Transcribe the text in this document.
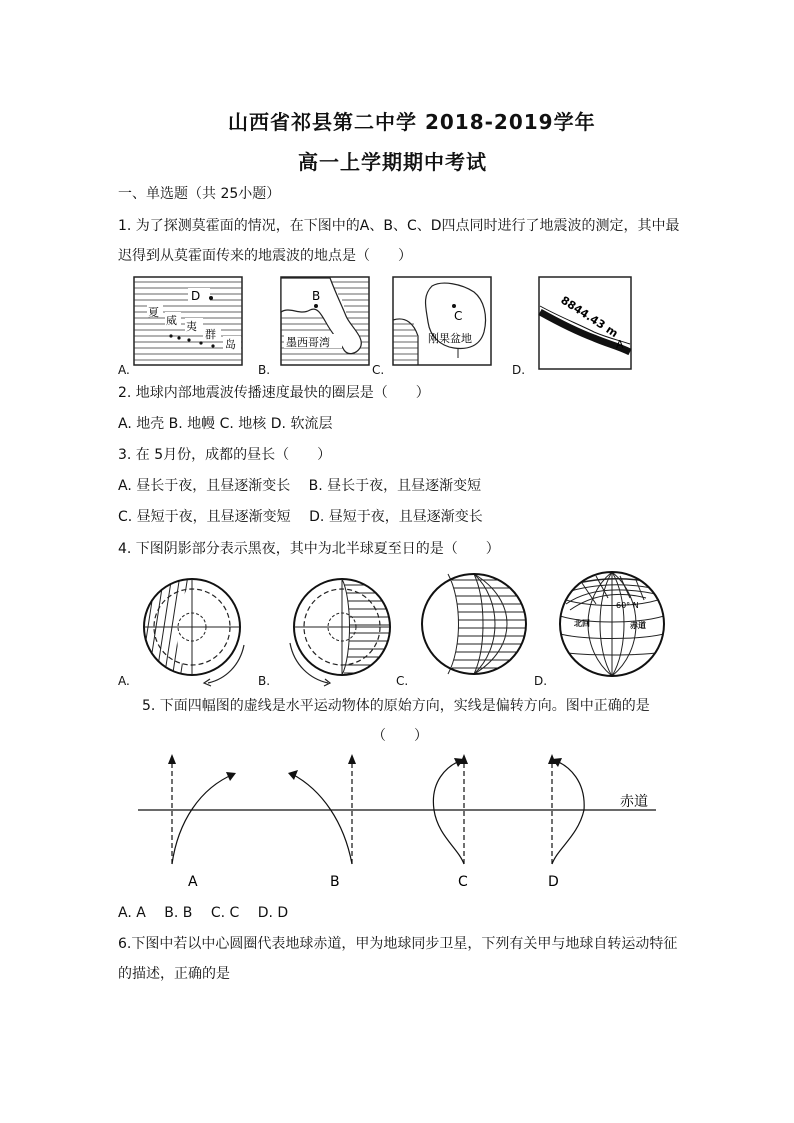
山西省祁县第二中学 2018-2019学年
高一上学期期中考试
一、单选题（共 25小题）
1. 为了探测莫霍面的情况，在下图中的A、B、C、D四点同时进行了地震波的测定，其中最
迟得到从莫霍面传来的地震波的地点是（　　）
D
夏
威 夷
群
岛
A.
B
墨西哥湾
B.
C
刚果盆地
C.
8844.43 m
A
D.
2. 地球内部地震波传播速度最快的圈层是（　　）
A. 地壳 B. 地幔 C. 地核 D. 软流层
3. 在 5月份，成都的昼长（　　）
A. 昼长于夜，且昼逐渐变长　 B. 昼长于夜，且昼逐渐变短
C. 昼短于夜，且昼逐渐变短　 D. 昼短于夜，且昼逐渐变长
4. 下图阴影部分表示黑夜，其中为北半球夏至日的是（　　）
A.	B.	C.
60° N
北回	赤道
D.
5. 下面四幅图的虚线是水平运动物体的原始方向，实线是偏转方向。图中正确的是
（　　）
赤道
A	B	C	D
A. A　 B. B　 C. C　 D. D
6.下图中若以中心圆圈代表地球赤道，甲为地球同步卫星，下列有关甲与地球自转运动特征
的描述，正确的是
